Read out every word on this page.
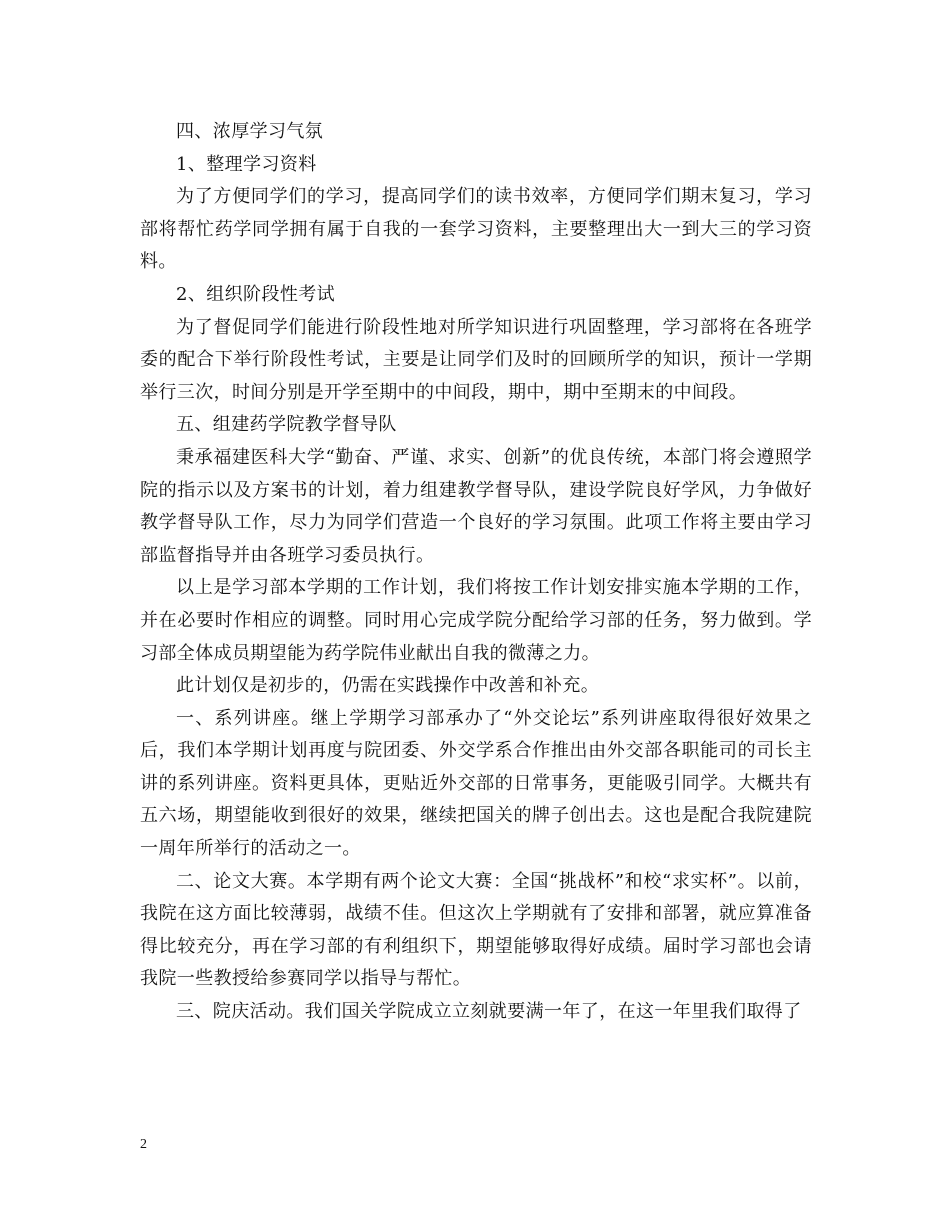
四、浓厚学习气氛

1、整理学习资料

为了方便同学们的学习，提高同学们的读书效率，方便同学们期末复习，学习部将帮忙药学同学拥有属于自我的一套学习资料，主要整理出大一到大三的学习资料。

2、组织阶段性考试

为了督促同学们能进行阶段性地对所学知识进行巩固整理，学习部将在各班学委的配合下举行阶段性考试，主要是让同学们及时的回顾所学的知识，预计一学期举行三次，时间分别是开学至期中的中间段，期中，期中至期末的中间段。

五、组建药学院教学督导队

秉承福建医科大学“勤奋、严谨、求实、创新”的优良传统，本部门将会遵照学院的指示以及方案书的计划，着力组建教学督导队，建设学院良好学风，力争做好教学督导队工作，尽力为同学们营造一个良好的学习氛围。此项工作将主要由学习部监督指导并由各班学习委员执行。

以上是学习部本学期的工作计划，我们将按工作计划安排实施本学期的工作，并在必要时作相应的调整。同时用心完成学院分配给学习部的任务，努力做到。学习部全体成员期望能为药学院伟业献出自我的微薄之力。

此计划仅是初步的，仍需在实践操作中改善和补充。

一、系列讲座。继上学期学习部承办了“外交论坛”系列讲座取得很好效果之后，我们本学期计划再度与院团委、外交学系合作推出由外交部各职能司的司长主讲的系列讲座。资料更具体，更贴近外交部的日常事务，更能吸引同学。大概共有五六场，期望能收到很好的效果，继续把国关的牌子创出去。这也是配合我院建院一周年所举行的活动之一。

二、论文大赛。本学期有两个论文大赛：全国“挑战杯”和校“求实杯”。以前，我院在这方面比较薄弱，战绩不佳。但这次上学期就有了安排和部署，就应算准备得比较充分，再在学习部的有利组织下，期望能够取得好成绩。届时学习部也会请我院一些教授给参赛同学以指导与帮忙。

三、院庆活动。我们国关学院成立立刻就要满一年了，在这一年里我们取得了

2
